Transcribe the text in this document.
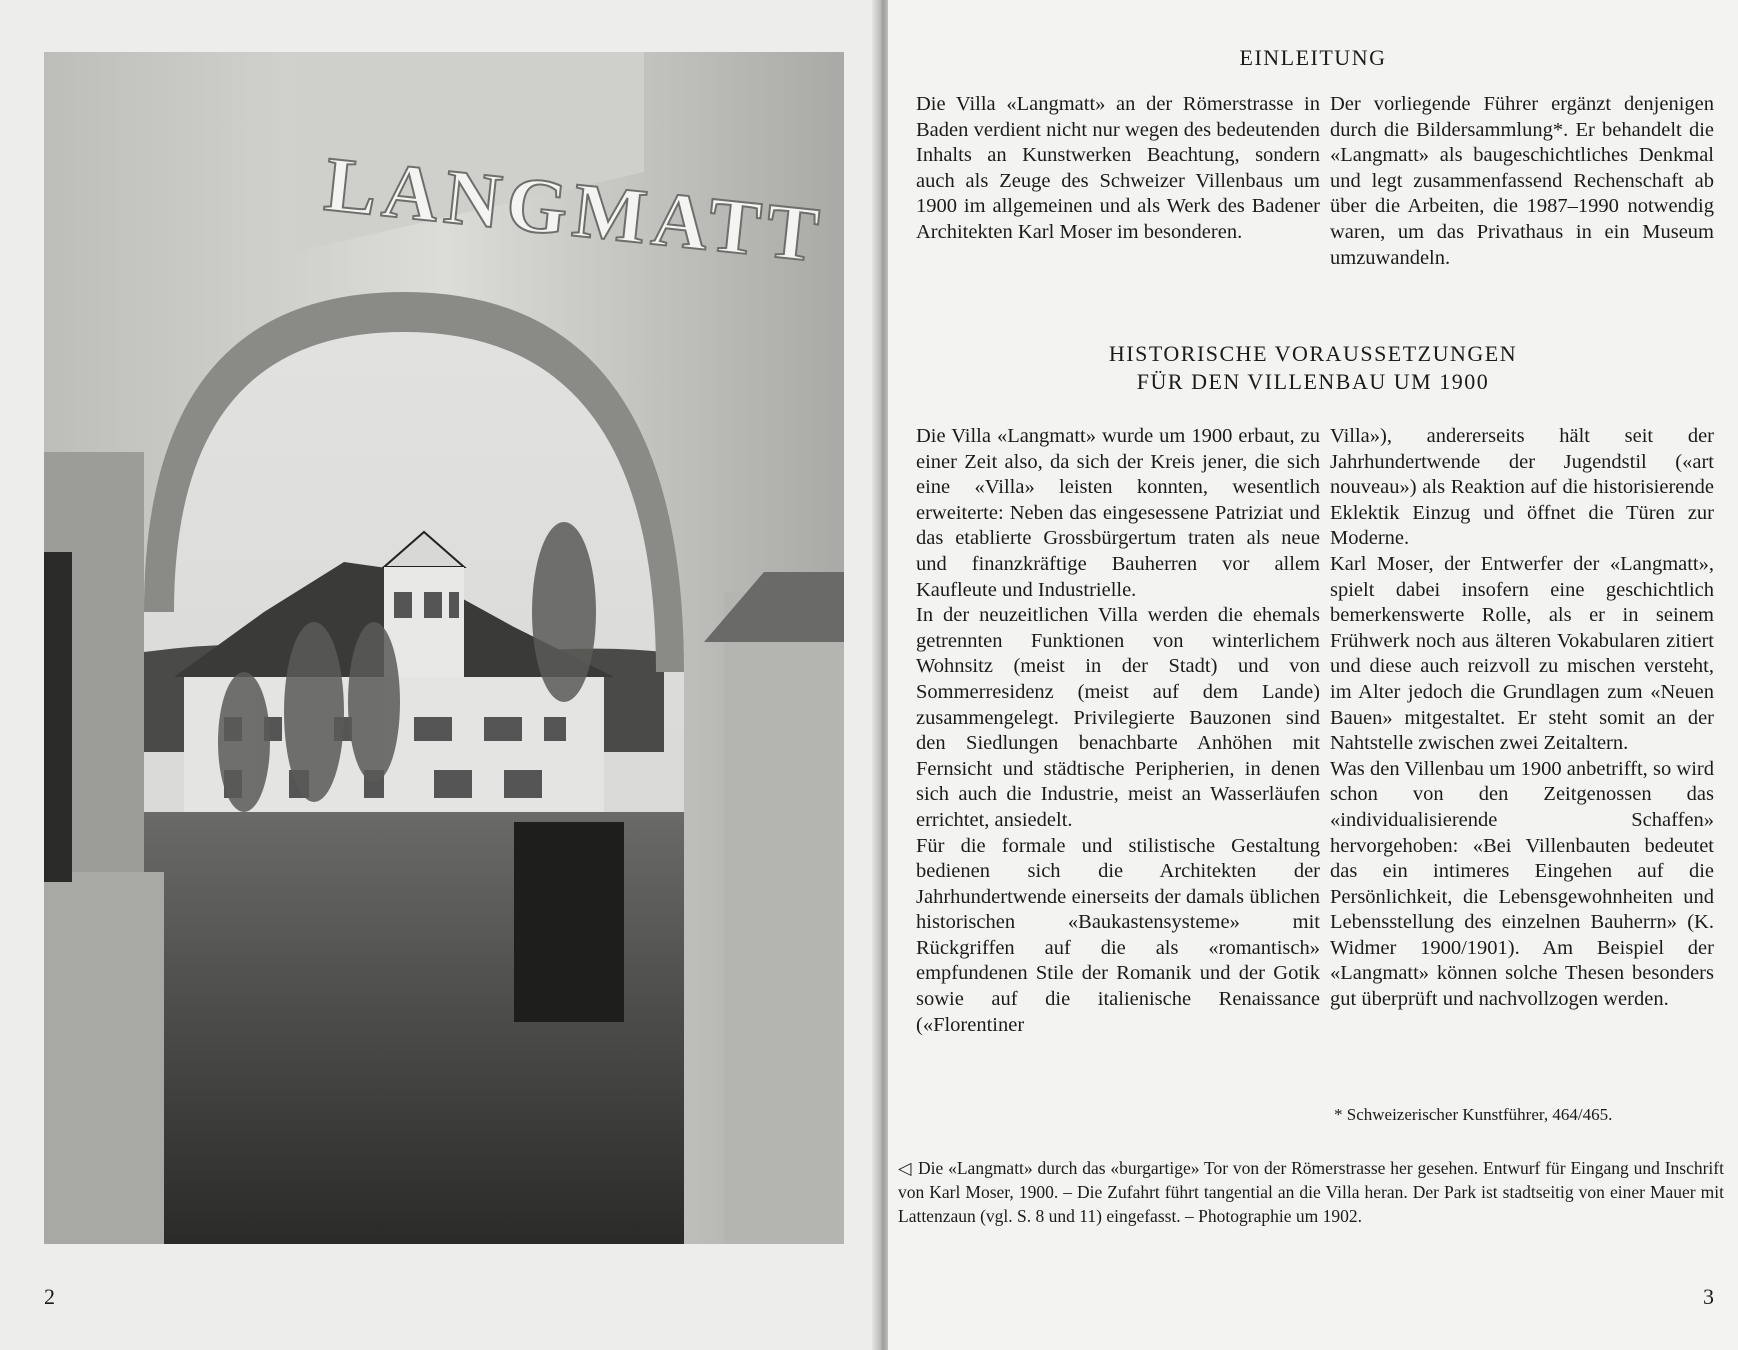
LANGMATT
2
EINLEITUNG

Die Villa «Langmatt» an der Römerstrasse in Baden verdient nicht nur wegen des bedeutenden Inhalts an Kunstwerken Beachtung, sondern auch als Zeuge des Schweizer Villenbaus um 1900 im allgemeinen und als Werk des Badener Architekten Karl Moser im besonderen.

Der vorliegende Führer ergänzt denjenigen durch die Bildersammlung*. Er behandelt die «Langmatt» als baugeschichtliches Denkmal und legt zusammenfassend Rechenschaft ab über die Arbeiten, die 1987–1990 notwendig waren, um das Privathaus in ein Museum umzuwandeln.

HISTORISCHE VORAUSSETZUNGEN
FÜR DEN VILLENBAU UM 1900

Die Villa «Langmatt» wurde um 1900 erbaut, zu einer Zeit also, da sich der Kreis jener, die sich eine «Villa» leisten konnten, wesentlich erweiterte: Neben das eingesessene Patriziat und das etablierte Grossbürgertum traten als neue und finanzkräftige Bauherren vor allem Kaufleute und Industrielle.

In der neuzeitlichen Villa werden die ehemals getrennten Funktionen von winterlichem Wohnsitz (meist in der Stadt) und von Sommerresidenz (meist auf dem Lande) zusammengelegt. Privilegierte Bauzonen sind den Siedlungen benachbarte Anhöhen mit Fernsicht und städtische Peripherien, in denen sich auch die Industrie, meist an Wasserläufen errichtet, ansiedelt.

Für die formale und stilistische Gestaltung bedienen sich die Architekten der Jahrhundertwende einerseits der damals üblichen historischen «Baukastensysteme» mit Rückgriffen auf die als «romantisch» empfundenen Stile der Romanik und der Gotik sowie auf die italienische Renaissance («Florentiner

Villa»), andererseits hält seit der Jahrhundertwende der Jugendstil («art nouveau») als Reaktion auf die historisierende Eklektik Einzug und öffnet die Türen zur Moderne.

Karl Moser, der Entwerfer der «Langmatt», spielt dabei insofern eine geschichtlich bemerkenswerte Rolle, als er in seinem Frühwerk noch aus älteren Vokabularen zitiert und diese auch reizvoll zu mischen versteht, im Alter jedoch die Grundlagen zum «Neuen Bauen» mitgestaltet. Er steht somit an der Nahtstelle zwischen zwei Zeitaltern.

Was den Villenbau um 1900 anbetrifft, so wird schon von den Zeitgenossen das «individualisierende Schaffen» hervorgehoben: «Bei Villenbauten bedeutet das ein intimeres Eingehen auf die Persönlichkeit, die Lebensgewohnheiten und Lebensstellung des einzelnen Bauherrn» (K. Widmer 1900/1901). Am Beispiel der «Langmatt» können solche Thesen besonders gut überprüft und nachvollzogen werden.

* Schweizerischer Kunstführer, 464/465.
◁ Die «Langmatt» durch das «burgartige» Tor von der Römerstrasse her gesehen. Entwurf für Eingang und Inschrift von Karl Moser, 1900. – Die Zufahrt führt tangential an die Villa heran. Der Park ist stadtseitig von einer Mauer mit Lattenzaun (vgl. S. 8 und 11) eingefasst. – Photographie um 1902.
3
